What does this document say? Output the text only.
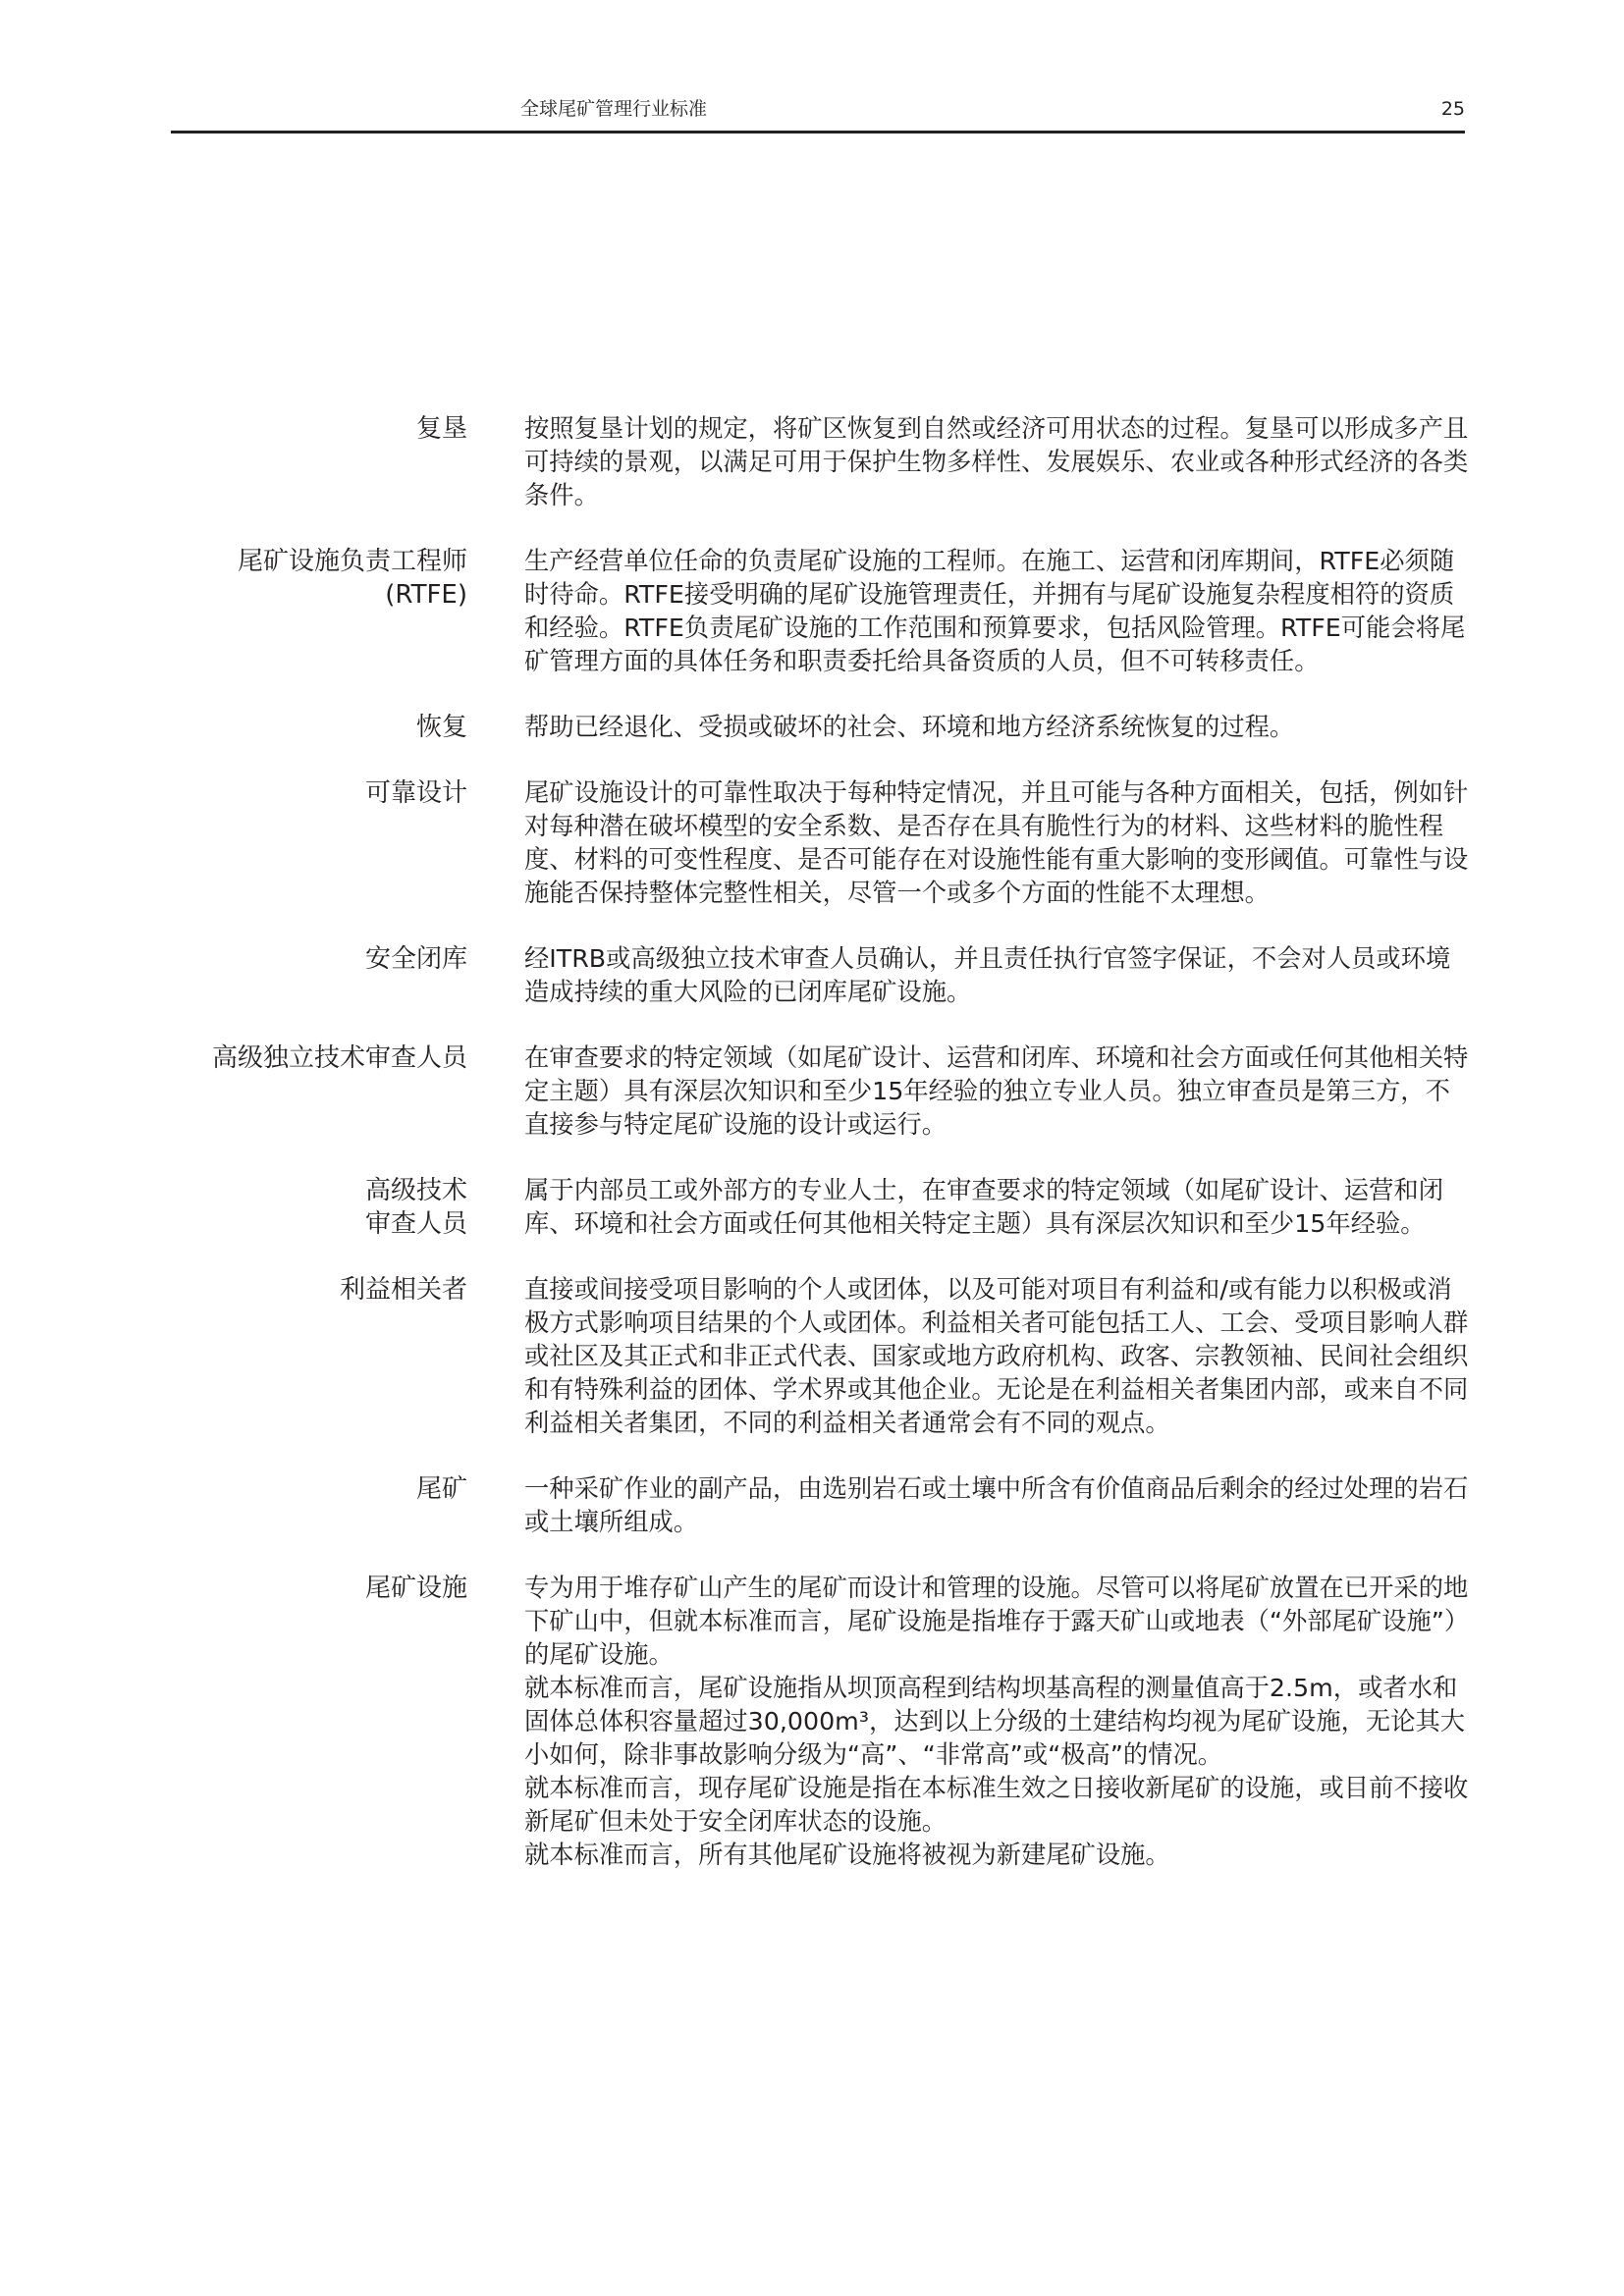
全球尾矿管理行业标准	25
复垦 按照复垦计划的规定，将矿区恢复到自然或经济可用状态的过程。复垦可以形成多产且可持续的景观，以满足可用于保护生物多样性、发展娱乐、农业或各种形式经济的各类条件。

尾矿设施负责工程师
(RTFE)

生产经营单位任命的负责尾矿设施的工程师。在施工、运营和闭库期间，RTFE必须随时待命。RTFE接受明确的尾矿设施管理责任，并拥有与尾矿设施复杂程度相符的资质和经验。RTFE负责尾矿设施的工作范围和预算要求，包括风险管理。RTFE可能会将尾矿管理方面的具体任务和职责委托给具备资质的人员，但不可转移责任。

恢复 帮助已经退化、受损或破坏的社会、环境和地方经济系统恢复的过程。

可靠设计 尾矿设施设计的可靠性取决于每种特定情况，并且可能与各种方面相关，包括，例如针对每种潜在破坏模型的安全系数、是否存在具有脆性行为的材料、这些材料的脆性程度、材料的可变性程度、是否可能存在对设施性能有重大影响的变形阈值。可靠性与设施能否保持整体完整性相关，尽管一个或多个方面的性能不太理想。

安全闭库 经ITRB或高级独立技术审查人员确认，并且责任执行官签字保证，不会对人员或环境造成持续的重大风险的已闭库尾矿设施。

高级独立技术审查人员 在审查要求的特定领域（如尾矿设计、运营和闭库、环境和社会方面或任何其他相关特定主题）具有深层次知识和至少15年经验的独立专业人员。独立审查员是第三方，不直接参与特定尾矿设施的设计或运行。

高级技术
审查人员

属于内部员工或外部方的专业人士，在审查要求的特定领域（如尾矿设计、运营和闭库、环境和社会方面或任何其他相关特定主题）具有深层次知识和至少15年经验。

利益相关者 直接或间接受项目影响的个人或团体，以及可能对项目有利益和/或有能力以积极或消极方式影响项目结果的个人或团体。利益相关者可能包括工人、工会、受项目影响人群或社区及其正式和非正式代表、国家或地方政府机构、政客、宗教领袖、民间社会组织和有特殊利益的团体、学术界或其他企业。无论是在利益相关者集团内部，或来自不同利益相关者集团，不同的利益相关者通常会有不同的观点。

尾矿 一种采矿作业的副产品，由选别岩石或土壤中所含有价值商品后剩余的经过处理的岩石或土壤所组成。

尾矿设施 专为用于堆存矿山产生的尾矿而设计和管理的设施。尽管可以将尾矿放置在已开采的地下矿山中，但就本标准而言，尾矿设施是指堆存于露天矿山或地表（“外部尾矿设施”）的尾矿设施。

就本标准而言，尾矿设施指从坝顶高程到结构坝基高程的测量值高于2.5m，或者水和固体总体积容量超过30,000m³，达到以上分级的土建结构均视为尾矿设施，无论其大小如何，除非事故影响分级为“高”、“非常高”或“极高”的情况。

就本标准而言，现存尾矿设施是指在本标准生效之日接收新尾矿的设施，或目前不接收新尾矿但未处于安全闭库状态的设施。

就本标准而言，所有其他尾矿设施将被视为新建尾矿设施。
